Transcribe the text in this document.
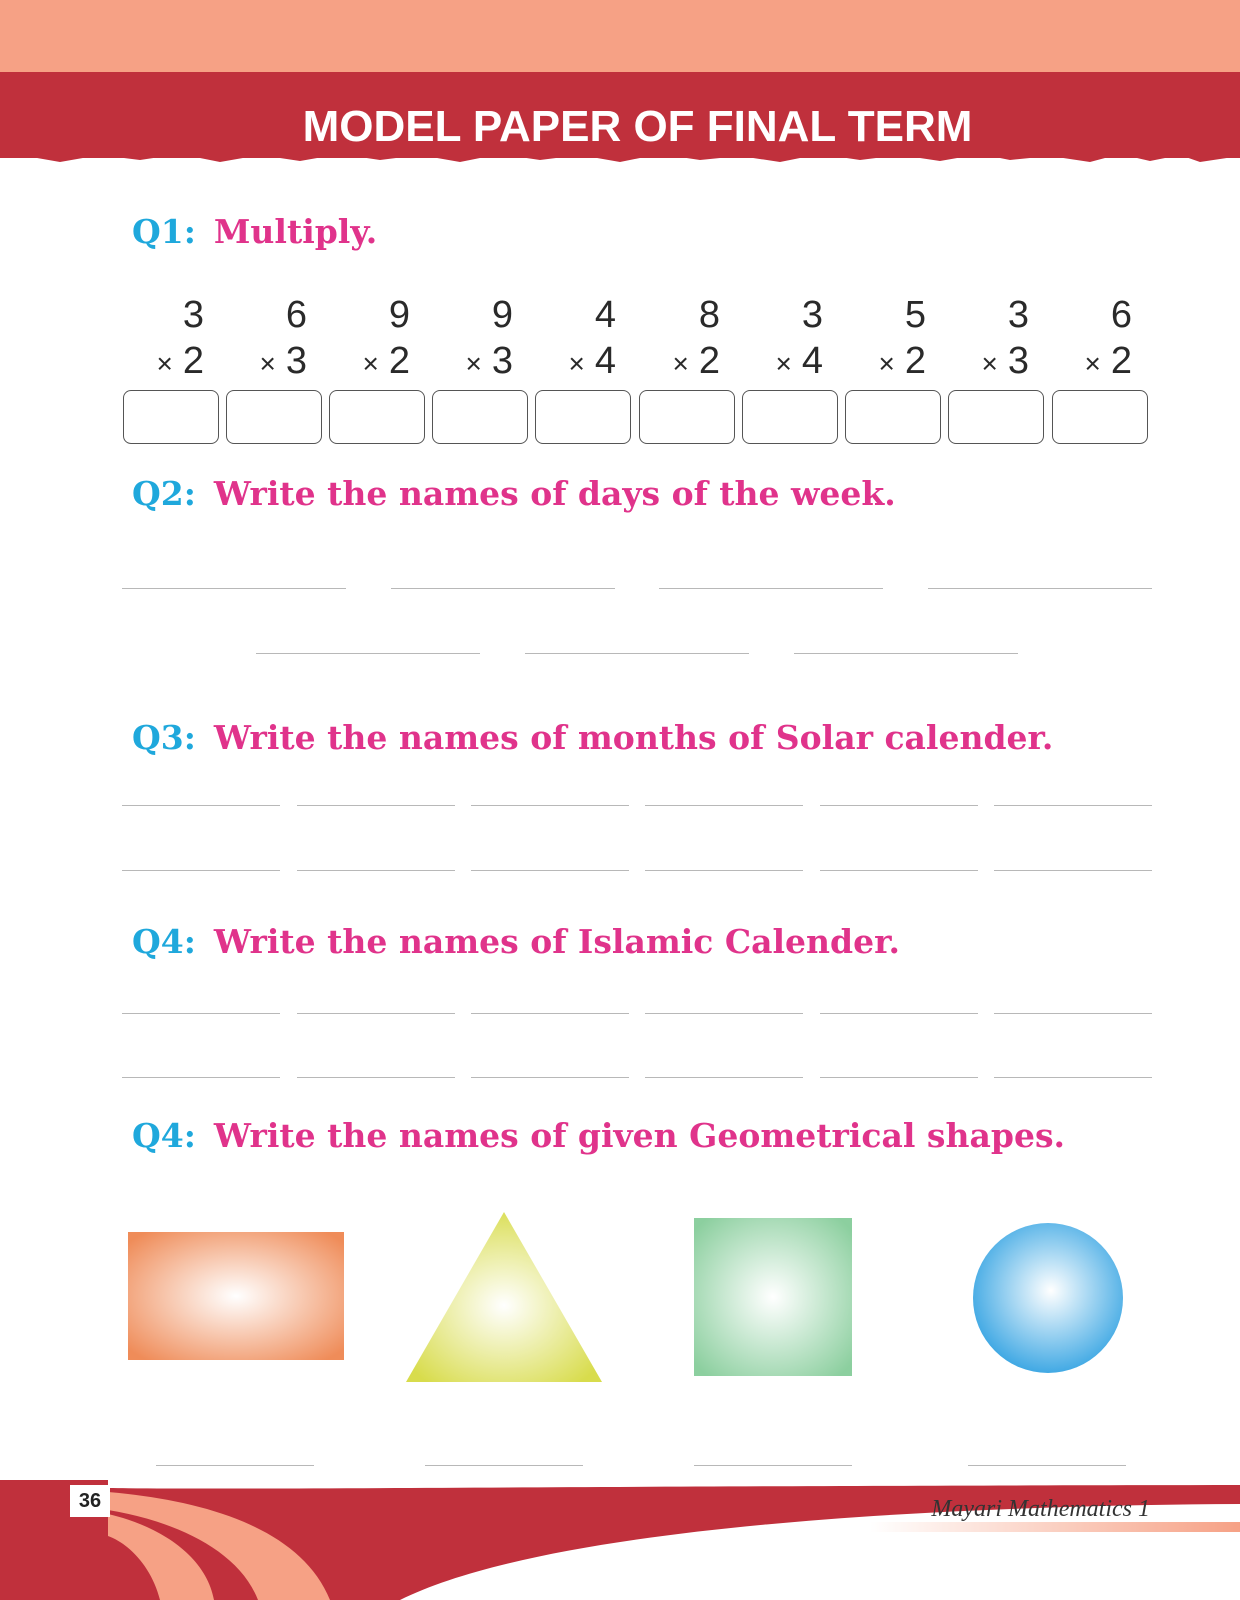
MODEL PAPER OF FINAL TERM
Q1: Multiply.
3
× 2
6
× 3
9
× 2
9
× 3
4
× 4
8
× 2
3
× 4
5
× 2
3
× 3
6
× 2
Q2: Write the names of days of the week.
Q3: Write the names of months of Solar calender.
Q4: Write the names of Islamic Calender.
Q4: Write the names of given Geometrical shapes.

36	Mayari Mathematics 1
